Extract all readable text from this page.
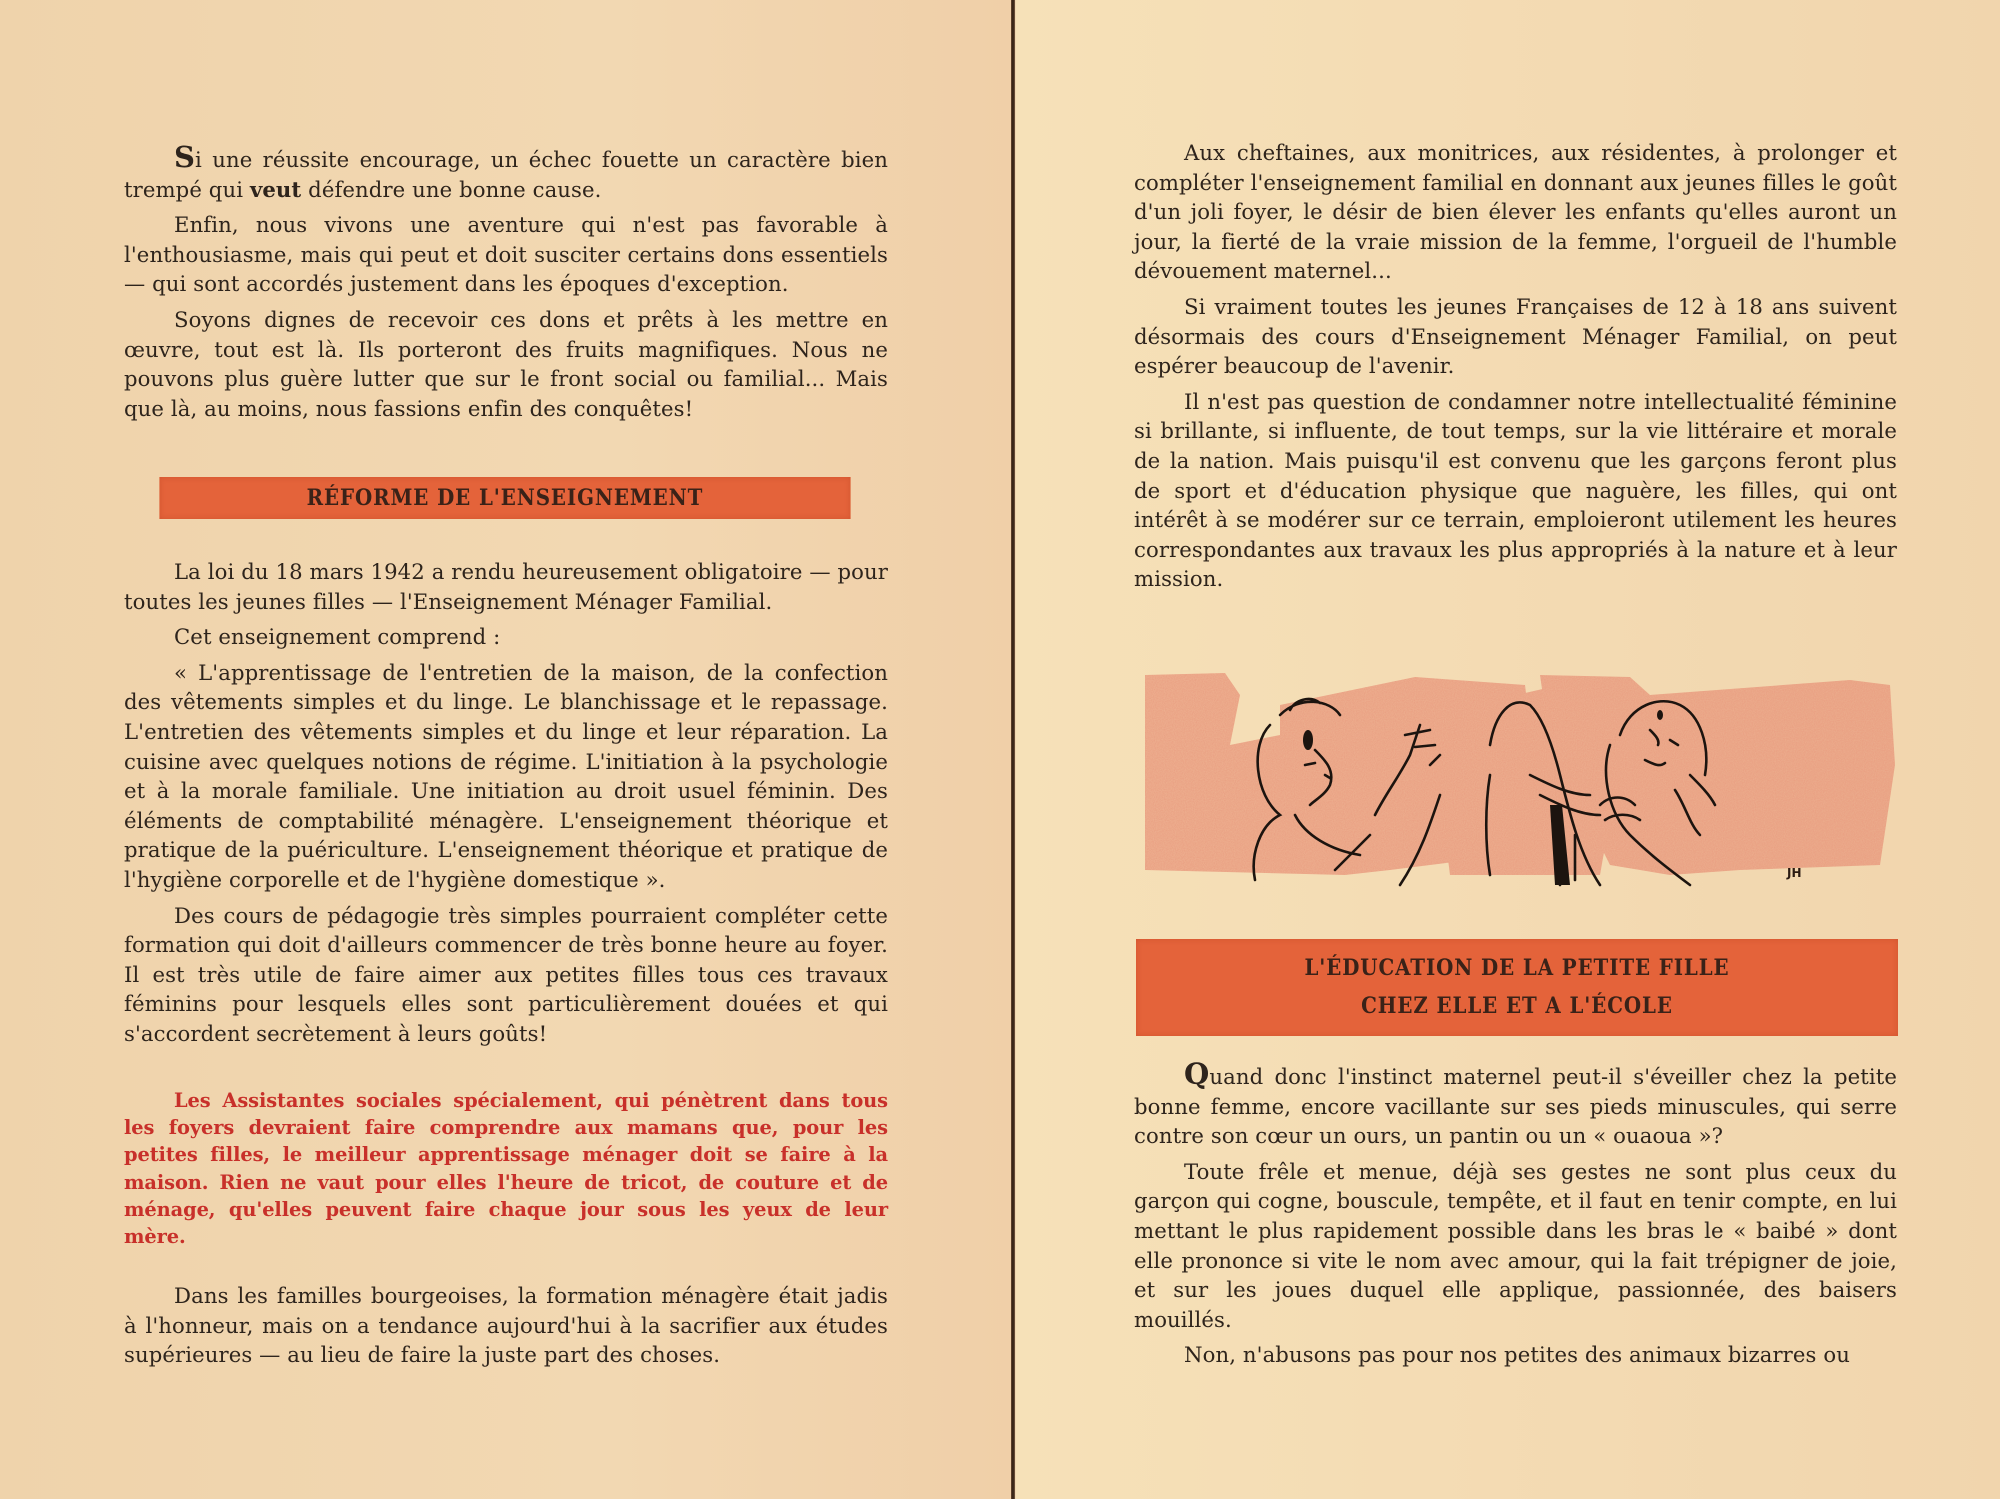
Si une réussite encourage, un échec fouette un caractère bien trempé qui veut défendre une bonne cause.

Enfin, nous vivons une aventure qui n'est pas favorable à l'enthousiasme, mais qui peut et doit susciter certains dons essentiels — qui sont accordés justement dans les époques d'exception.

Soyons dignes de recevoir ces dons et prêts à les mettre en œuvre, tout est là. Ils porteront des fruits magnifiques. Nous ne pouvons plus guère lutter que sur le front social ou familial... Mais que là, au moins, nous fassions enfin des conquêtes!

RÉFORME DE L'ENSEIGNEMENT

La loi du 18 mars 1942 a rendu heureusement obligatoire — pour toutes les jeunes filles — l'Enseignement Ménager Familial.

Cet enseignement comprend :

« L'apprentissage de l'entretien de la maison, de la confection des vêtements simples et du linge. Le blanchissage et le repassage. L'entretien des vêtements simples et du linge et leur réparation. La cuisine avec quelques notions de régime. L'initiation à la psychologie et à la morale familiale. Une initiation au droit usuel féminin. Des éléments de comptabilité ménagère. L'enseignement théorique et pratique de la puériculture. L'enseignement théorique et pratique de l'hygiène corporelle et de l'hygiène domestique ».

Des cours de pédagogie très simples pourraient compléter cette formation qui doit d'ailleurs commencer de très bonne heure au foyer. Il est très utile de faire aimer aux petites filles tous ces travaux féminins pour lesquels elles sont particulièrement douées et qui s'accordent secrètement à leurs goûts!

Les Assistantes sociales spécialement, qui pénètrent dans tous les foyers devraient faire comprendre aux mamans que, pour les petites filles, le meilleur apprentissage ménager doit se faire à la maison. Rien ne vaut pour elles l'heure de tricot, de couture et de ménage, qu'elles peuvent faire chaque jour sous les yeux de leur mère.

Dans les familles bourgeoises, la formation ménagère était jadis à l'honneur, mais on a tendance aujourd'hui à la sacrifier aux études supérieures — au lieu de faire la juste part des choses.

Aux cheftaines, aux monitrices, aux résidentes, à prolonger et compléter l'enseignement familial en donnant aux jeunes filles le goût d'un joli foyer, le désir de bien élever les enfants qu'elles auront un jour, la fierté de la vraie mission de la femme, l'orgueil de l'humble dévouement maternel...

Si vraiment toutes les jeunes Françaises de 12 à 18 ans suivent désormais des cours d'Enseignement Ménager Familial, on peut espérer beaucoup de l'avenir.

Il n'est pas question de condamner notre intellectualité féminine si brillante, si influente, de tout temps, sur la vie littéraire et morale de la nation. Mais puisqu'il est convenu que les garçons feront plus de sport et d'éducation physique que naguère, les filles, qui ont intérêt à se modérer sur ce terrain, emploieront utilement les heures correspondantes aux travaux les plus appropriés à la nature et à leur mission.

JH
L'ÉDUCATION DE LA PETITE FILLE
CHEZ ELLE ET A L'ÉCOLE

Quand donc l'instinct maternel peut-il s'éveiller chez la petite bonne femme, encore vacillante sur ses pieds minuscules, qui serre contre son cœur un ours, un pantin ou un « ouaoua »?

Toute frêle et menue, déjà ses gestes ne sont plus ceux du garçon qui cogne, bouscule, tempête, et il faut en tenir compte, en lui mettant le plus rapidement possible dans les bras le « baibé » dont elle prononce si vite le nom avec amour, qui la fait trépigner de joie, et sur les joues duquel elle applique, passionnée, des baisers mouillés.

Non, n'abusons pas pour nos petites des animaux bizarres ou
